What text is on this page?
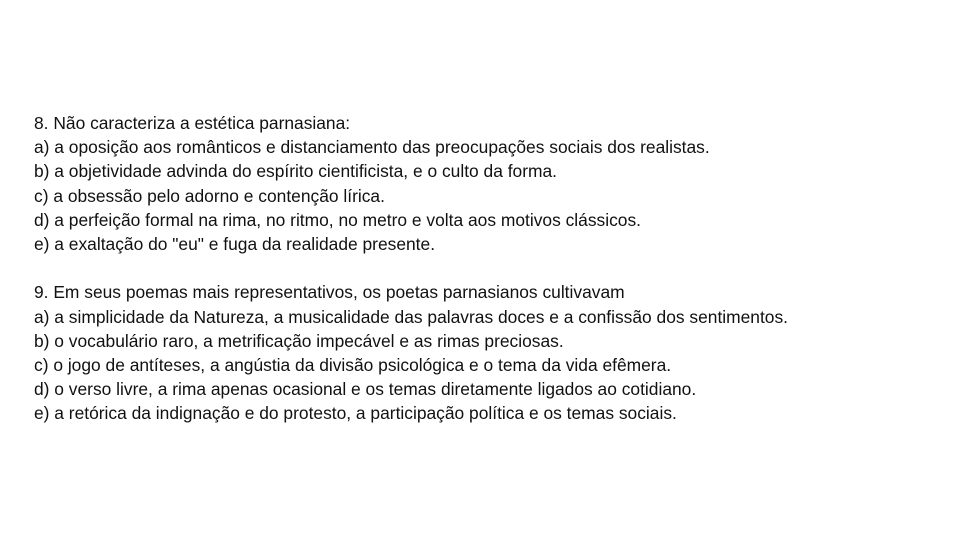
8. Não caracteriza a estética parnasiana:
a) a oposição aos românticos e distanciamento das preocupações sociais dos realistas.
b) a objetividade advinda do espírito cientificista, e o culto da forma.
c) a obsessão pelo adorno e contenção lírica.
d) a perfeição formal na rima, no ritmo, no metro e volta aos motivos clássicos.
e) a exaltação do "eu" e fuga da realidade presente.
9. Em seus poemas mais representativos, os poetas parnasianos cultivavam
a) a simplicidade da Natureza, a musicalidade das palavras doces e a confissão dos sentimentos.
b) o vocabulário raro, a metrificação impecável e as rimas preciosas.
c) o jogo de antíteses, a angústia da divisão psicológica e o tema da vida efêmera.
d) o verso livre, a rima apenas ocasional e os temas diretamente ligados ao cotidiano.
e) a retórica da indignação e do protesto, a participação política e os temas sociais.
